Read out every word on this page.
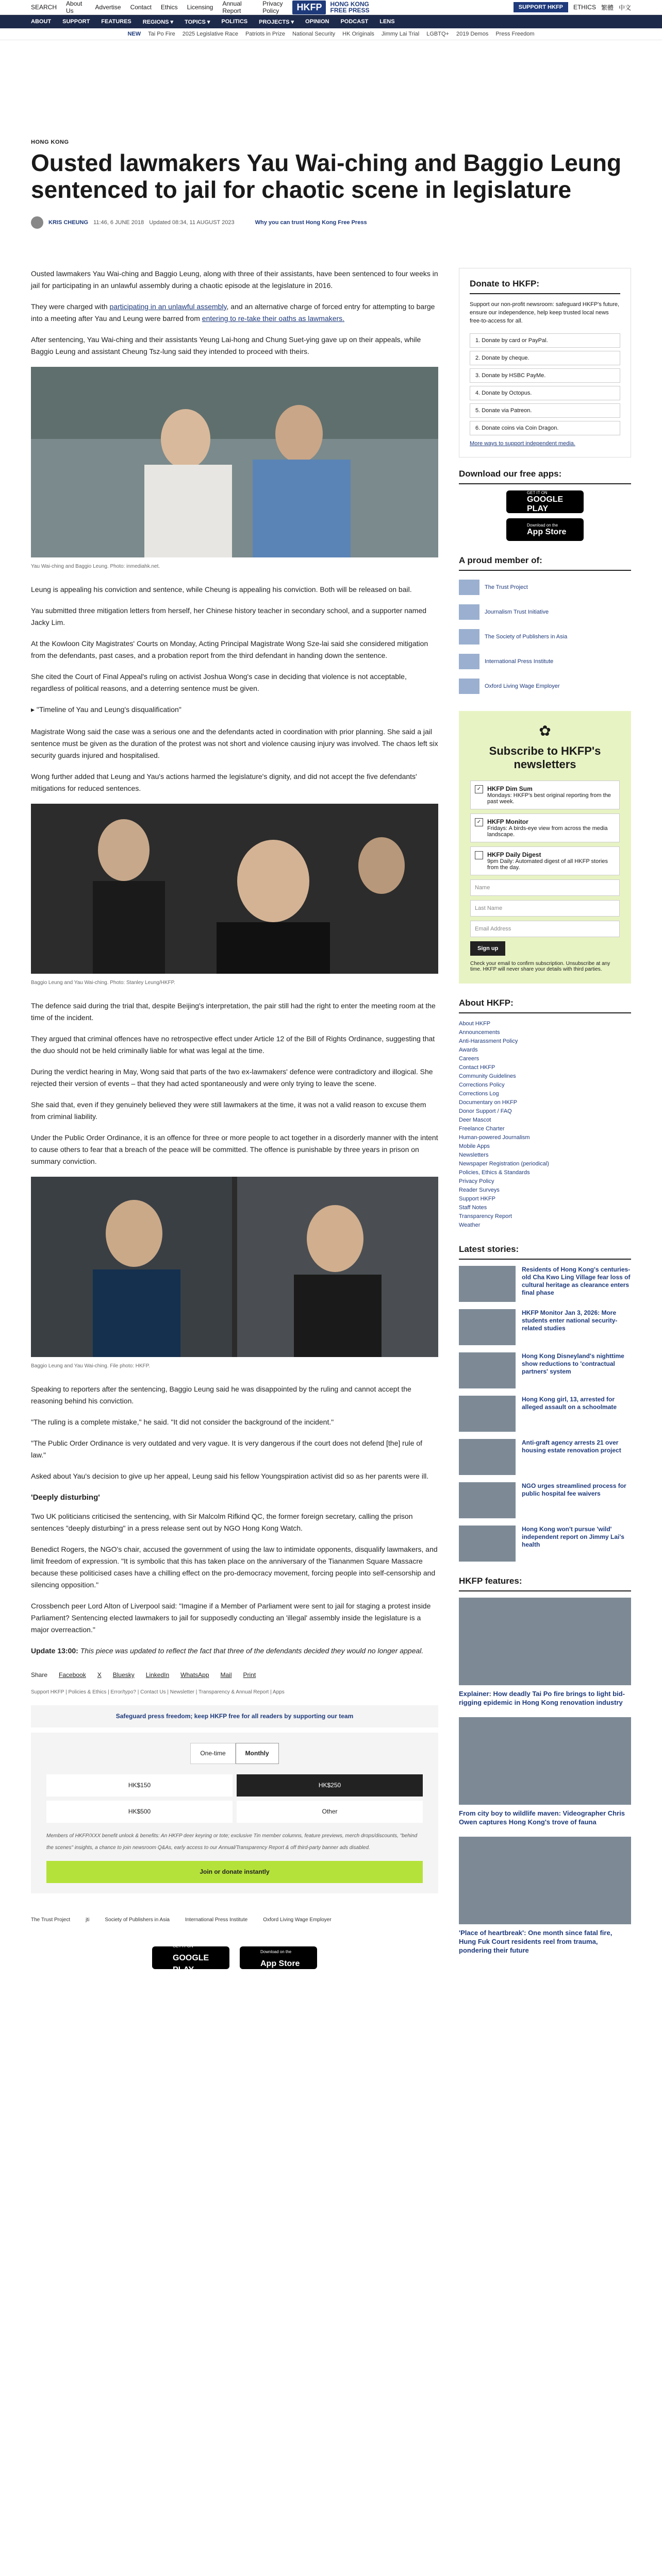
SEARCH About Us	Advertise Contact Ethics Licensing Annual Report
Privacy Policy	HKFP	HONG KONG
FREE PRESS	SUPPORT HKFP	ETHICS 繁體 中文
ABOUT SUPPORT FEATURES REGIONS ▾ TOPICS ▾ POLITICS PROJECTS ▾ OPINION PODCAST LENS
NEW Tai Po Fire 2025 Legislative Race Patriots in Prize National Security HK Originals Jimmy Lai Trial LGBTQ+ 2019 Demos Press Freedom
HONG KONG
Ousted lawmakers Yau Wai-ching and Baggio Leung sentenced to jail for chaotic scene in legislature
KRIS CHEUNG 11:46, 6 JUNE 2018 Updated 08:34, 11 AUGUST 2023	Why you can trust Hong Kong Free Press

Ousted lawmakers Yau Wai-ching and Baggio Leung, along with three of their assistants, have been sentenced to four weeks in jail for participating in an unlawful assembly during a chaotic episode at the legislature in 2016.

They were charged with participating in an unlawful assembly, and an alternative charge of forced entry for attempting to barge into a meeting after Yau and Leung were barred from entering to re-take their oaths as lawmakers.

After sentencing, Yau Wai-ching and their assistants Yeung Lai-hong and Chung Suet-ying gave up on their appeals, while Baggio Leung and assistant Cheung Tsz-lung said they intended to proceed with theirs.

Yau Wai-ching and Baggio Leung. Photo: inmediahk.net.

Leung is appealing his conviction and sentence, while Cheung is appealing his conviction. Both will be released on bail.

Yau submitted three mitigation letters from herself, her Chinese history teacher in secondary school, and a supporter named Jacky Lim.

At the Kowloon City Magistrates' Courts on Monday, Acting Principal Magistrate Wong Sze-lai said she considered mitigation from the defendants, past cases, and a probation report from the third defendant in handing down the sentence.

She cited the Court of Final Appeal's ruling on activist Joshua Wong's case in deciding that violence is not acceptable, regardless of political reasons, and a deterring sentence must be given.

▸ "Timeline of Yau and Leung's disqualification"

Magistrate Wong said the case was a serious one and the defendants acted in coordination with prior planning. She said a jail sentence must be given as the duration of the protest was not short and violence causing injury was involved. The chaos left six security guards injured and hospitalised.

Wong further added that Leung and Yau's actions harmed the legislature's dignity, and did not accept the five defendants' mitigations for reduced sentences.

Baggio Leung and Yau Wai-ching. Photo: Stanley Leung/HKFP.

The defence said during the trial that, despite Beijing's interpretation, the pair still had the right to enter the meeting room at the time of the incident.

They argued that criminal offences have no retrospective effect under Article 12 of the Bill of Rights Ordinance, suggesting that the duo should not be held criminally liable for what was legal at the time.

During the verdict hearing in May, Wong said that parts of the two ex-lawmakers' defence were contradictory and illogical. She rejected their version of events – that they had acted spontaneously and were only trying to leave the scene.

She said that, even if they genuinely believed they were still lawmakers at the time, it was not a valid reason to excuse them from criminal liability.

Under the Public Order Ordinance, it is an offence for three or more people to act together in a disorderly manner with the intent to cause others to fear that a breach of the peace will be committed. The offence is punishable by three years in prison on summary conviction.

Baggio Leung and Yau Wai-ching. File photo: HKFP.

Speaking to reporters after the sentencing, Baggio Leung said he was disappointed by the ruling and cannot accept the reasoning behind his conviction.

"The ruling is a complete mistake," he said. "It did not consider the background of the incident."

"The Public Order Ordinance is very outdated and very vague. It is very dangerous if the court does not defend [the] rule of law."

Asked about Yau's decision to give up her appeal, Leung said his fellow Youngspiration activist did so as her parents were ill.

'Deeply disturbing'

Two UK politicians criticised the sentencing, with Sir Malcolm Rifkind QC, the former foreign secretary, calling the prison sentences "deeply disturbing" in a press release sent out by NGO Hong Kong Watch.

Benedict Rogers, the NGO's chair, accused the government of using the law to intimidate opponents, disqualify lawmakers, and limit freedom of expression. "It is symbolic that this has taken place on the anniversary of the Tiananmen Square Massacre because these politicised cases have a chilling effect on the pro-democracy movement, forcing people into self-censorship and silencing opposition."

Crossbench peer Lord Alton of Liverpool said: "Imagine if a Member of Parliament were sent to jail for staging a protest inside Parliament? Sentencing elected lawmakers to jail for supposedly conducting an 'illegal' assembly inside the legislature is a major overreaction."

Update 13:00: This piece was updated to reflect the fact that three of the defendants decided they would no longer appeal.
Share Facebook X Bluesky LinkedIn WhatsApp Mail Print
Support HKFP | Policies & Ethics | Error/typo? | Contact Us | Newsletter | Transparency & Annual Report | Apps
Safeguard press freedom; keep HKFP free for all readers by supporting our team
One-time	Monthly
HK$150	HK$250
HK$500	Other
Members of HKFP/XXX benefit unlock & benefits: An HKFP deer keyring or tote; exclusive Tin member columns, feature previews, merch drops/discounts, "behind the scenes" insights, a chance to join newsroom Q&As, early access to our Annual/Transparency Report & off third-party banner ads disabled.
Join or donate instantly
The Trust Project	jti	Society of Publishers in Asia	International Press Institute	Oxford Living Wage Employer
GET IT ON
GOOGLE PLAY
Download on the
App Store
Donate to HKFP:
Support our non-profit newsroom: safeguard HKFP's future, ensure our independence, help keep trusted local news free-to-access for all.
1. Donate by card or PayPal.
2. Donate by cheque.
3. Donate by HSBC PayMe.
4. Donate by Octopus.
5. Donate via Patreon.
6. Donate coins via Coin Dragon.
More ways to support independent media.
Download our free apps:
GET IT ON
GOOGLE PLAY
Download on the
App Store
A proud member of:
The Trust Project
Journalism Trust Initiative
The Society of Publishers in Asia
International Press Institute
Oxford Living Wage Employer
✿
Subscribe to HKFP's newsletters
✓ HKFP Dim Sum
Mondays: HKFP's best original reporting from the past week.
✓ HKFP Monitor
Fridays: A birds-eye view from across the media landscape.
HKFP Daily Digest
9pm Daily: Automated digest of all HKFP stories from the day.
Name
Last Name
Email Address
Sign up
Check your email to confirm subscription. Unsubscribe at any time. HKFP will never share your details with third parties.
About HKFP:
About HKFP
Announcements
Anti-Harassment Policy
Awards
Careers
Contact HKFP
Community Guidelines
Corrections Policy
Corrections Log
Documentary on HKFP
Donor Support / FAQ
Deer Mascot
Freelance Charter
Human-powered Journalism
Mobile Apps
Newsletters
Newspaper Registration (periodical)
Policies, Ethics & Standards
Privacy Policy
Reader Surveys
Support HKFP
Staff Notes
Transparency Report
Weather
Latest stories:
Residents of Hong Kong's centuries-old Cha Kwo Ling Village fear loss of cultural heritage as clearance enters final phase
HKFP Monitor Jan 3, 2026: More students enter national security-related studies
Hong Kong Disneyland's nighttime show reductions to 'contractual partners' system
Hong Kong girl, 13, arrested for alleged assault on a schoolmate
Anti-graft agency arrests 21 over housing estate renovation project
NGO urges streamlined process for public hospital fee waivers
Hong Kong won't pursue 'wild' independent report on Jimmy Lai's health
HKFP features:
Explainer: How deadly Tai Po fire brings to light bid-rigging epidemic in Hong Kong renovation industry
From city boy to wildlife maven: Videographer Chris Owen captures Hong Kong's trove of fauna
'Place of heartbreak': One month since fatal fire, Hung Fuk Court residents reel from trauma, pondering their future
